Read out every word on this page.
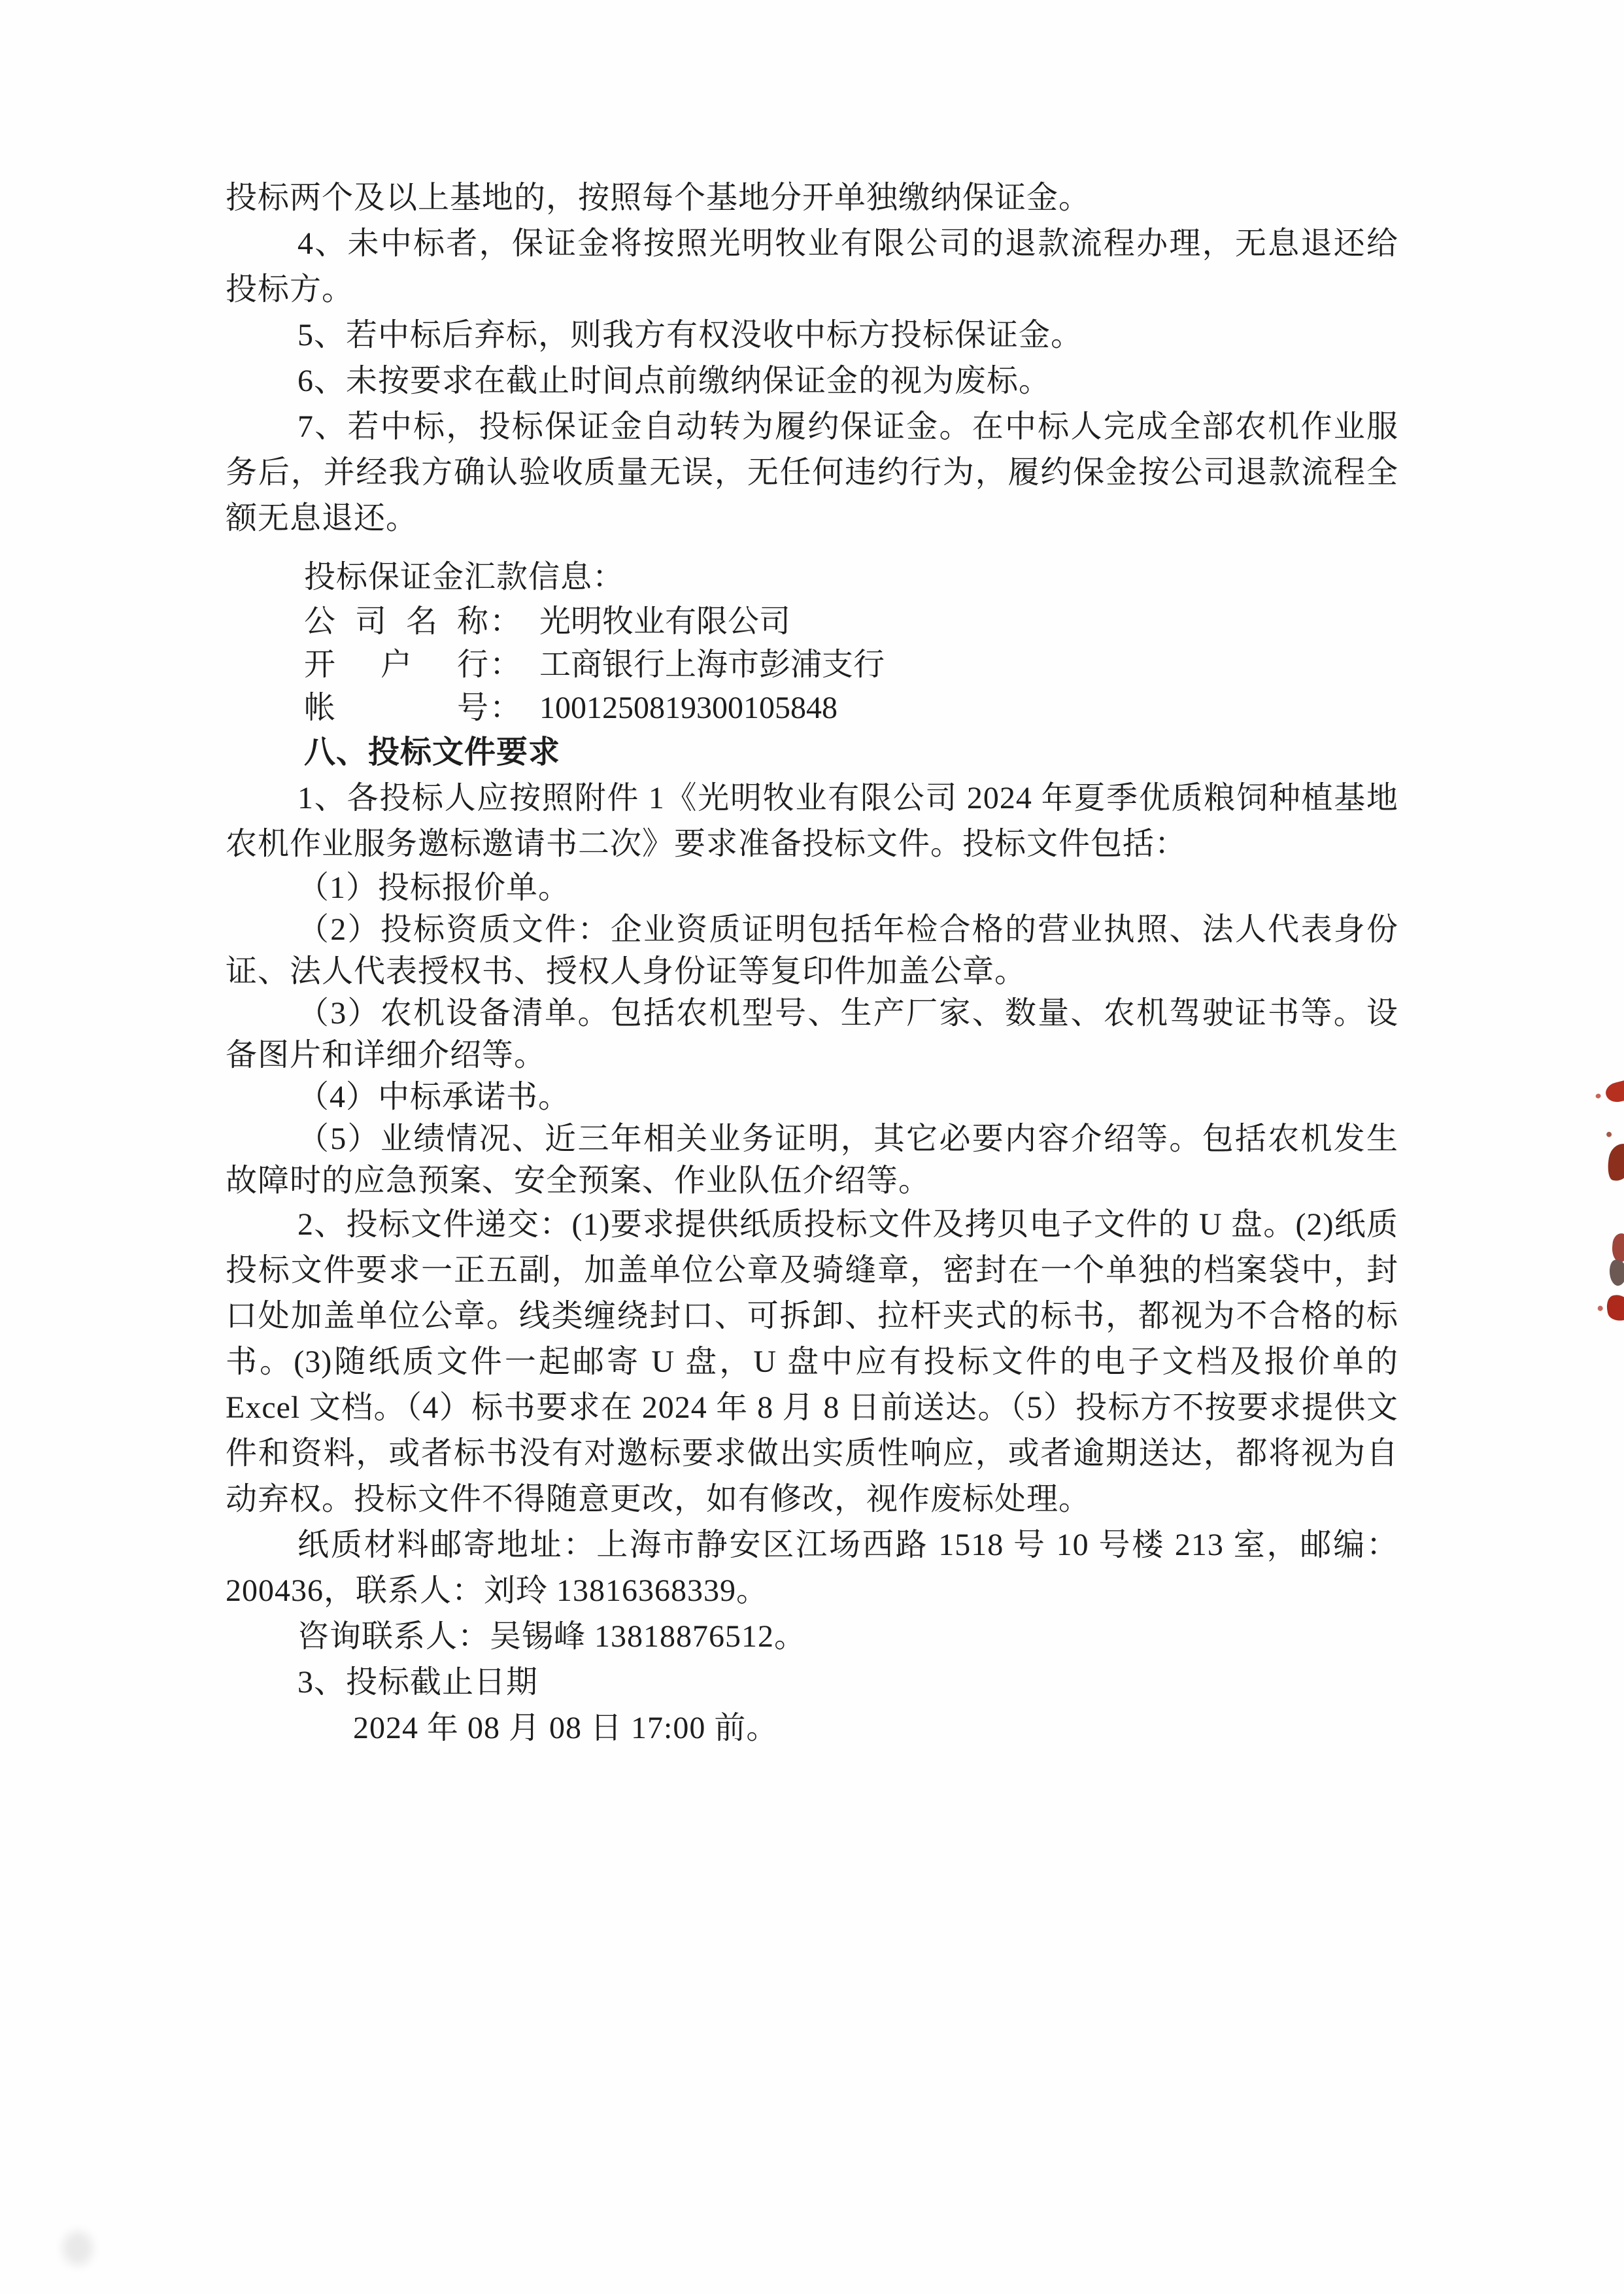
投标两个及以上基地的，按照每个基地分开单独缴纳保证金。

4、未中标者，保证金将按照光明牧业有限公司的退款流程办理，无息退还给投标方。

5、若中标后弃标，则我方有权没收中标方投标保证金。

6、未按要求在截止时间点前缴纳保证金的视为废标。

7、若中标，投标保证金自动转为履约保证金。在中标人完成全部农机作业服务后，并经我方确认验收质量无误，无任何违约行为，履约保金按公司退款流程全额无息退还。

投标保证金汇款信息：

公 司 名 称 ： 光明牧业有限公司
开 户 行 ： 工商银行上海市彭浦支行
帐	号 ： 1001250819300105848

八、投标文件要求

1、各投标人应按照附件 1《光明牧业有限公司 2024 年夏季优质粮饲种植基地农机作业服务邀标邀请书二次》要求准备投标文件。投标文件包括：

（1）投标报价单。

（2）投标资质文件：企业资质证明包括年检合格的营业执照、法人代表身份证、法人代表授权书、授权人身份证等复印件加盖公章。

（3）农机设备清单。包括农机型号、生产厂家、数量、农机驾驶证书等。设备图片和详细介绍等。

（4）中标承诺书。

（5）业绩情况、近三年相关业务证明，其它必要内容介绍等。包括农机发生故障时的应急预案、安全预案、作业队伍介绍等。

2、投标文件递交：(1)要求提供纸质投标文件及拷贝电子文件的 U 盘。(2)纸质投标文件要求一正五副，加盖单位公章及骑缝章，密封在一个单独的档案袋中，封口处加盖单位公章。线类缠绕封口、可拆卸、拉杆夹式的标书，都视为不合格的标书。(3)随纸质文件一起邮寄 U 盘，U 盘中应有投标文件的电子文档及报价单的 Excel 文档。（4）标书要求在 2024 年 8 月 8 日前送达。（5）投标方不按要求提供文件和资料，或者标书没有对邀标要求做出实质性响应，或者逾期送达，都将视为自动弃权。投标文件不得随意更改，如有修改，视作废标处理。

纸质材料邮寄地址：上海市静安区江场西路 1518 号 10 号楼 213 室，邮编：200436，联系人：刘玲 13816368339。

咨询联系人：吴锡峰 13818876512。

3、投标截止日期

2024 年 08 月 08 日 17:00 前。
